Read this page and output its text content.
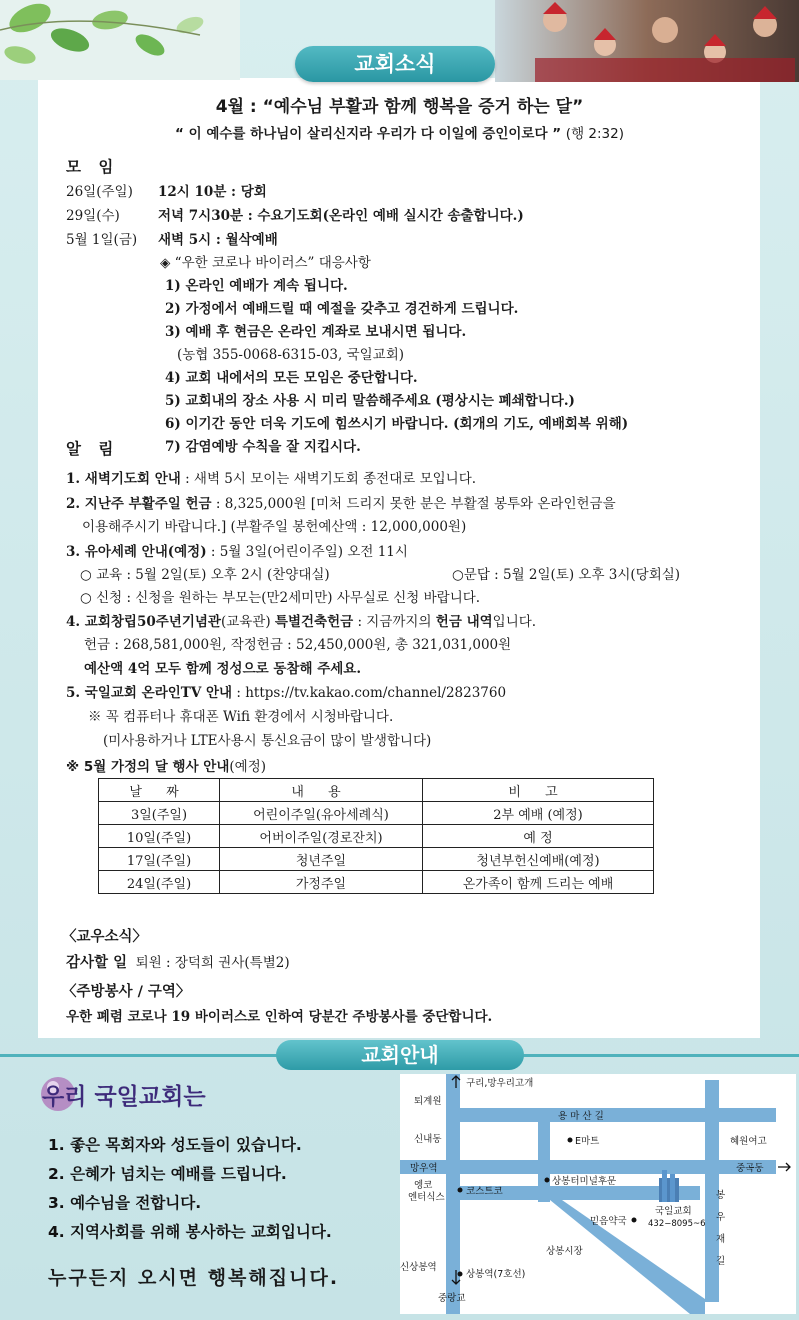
교회소식
4월 : “예수님 부활과 함께 행복을 증거 하는 달”
“ 이 예수를 하나님이 살리신지라 우리가 다 이일에 증인이로다 ” (행 2:32)
모 임
26일(주일) 12시 10분 : 당회
29일(수)	저녁 7시30분 : 수요기도회(온라인 예배 실시간 송출합니다.)
5월 1일(금) 새벽 5시 : 월삭예배
◈ “우한 코로나 바이러스” 대응사항
1) 온라인 예배가 계속 됩니다.
2) 가정에서 예배드릴 때 예절을 갖추고 경건하게 드립니다.
3) 예배 후 현금은 온라인 계좌로 보내시면 됩니다.
(농협 355-0068-6315-03, 국일교회)
4) 교회 내에서의 모든 모임은 중단합니다.
5) 교회내의 장소 사용 시 미리 말씀해주세요 (평상시는 폐쇄합니다.)
6) 이기간 동안 더욱 기도에 힘쓰시기 바랍니다. (회개의 기도, 예배회복 위해)
7) 감염예방 수칙을 잘 지킵시다.
알 림
1. 새벽기도회 안내 : 새벽 5시 모이는 새벽기도회 종전대로 모입니다.
2. 지난주 부활주일 헌금 : 8,325,000원 [미처 드리지 못한 분은 부활절 봉투와 온라인헌금을
이용해주시기 바랍니다.] (부활주일 봉헌예산액 : 12,000,000원)
3. 유아세례 안내(예정) : 5월 3일(어린이주일) 오전 11시
○ 교육 : 5월 2일(토) 오후 2시 (찬양대실)	○문답 : 5월 2일(토) 오후 3시(당회실)
○ 신청 : 신청을 원하는 부모는(만2세미만) 사무실로 신청 바랍니다.
4. 교회창립50주년기념관(교육관) 특별건축헌금 : 지금까지의 헌금 내역입니다.
헌금 : 268,581,000원, 작정헌금 : 52,450,000원, 총 321,031,000원
예산액 4억 모두 함께 정성으로 동참해 주세요.
5. 국일교회 온라인TV 안내 : https://tv.kakao.com/channel/2823760
※ 꼭 컴퓨터나 휴대폰 Wifi 환경에서 시청바랍니다.
(미사용하거나 LTE사용시 통신요금이 많이 발생합니다)
※ 5월 가정의 달 행사 안내(예정)
날 짜	내 용	비 고
3일(주일)	어린이주일(유아세례식)	2부 예배 (예정)
10일(주일)	어버이주일(경로잔치)	예 정
17일(주일)	청년주일	청년부헌신예배(예정)
24일(주일)	가정주일	온가족이 함께 드리는 예배
〈교우소식〉
감사할 일 퇴원 : 장덕희 권사(특별2)
〈주방봉사 / 구역〉
우한 폐렴 코로나 19 바이러스로 인하여 당분간 주방봉사를 중단합니다.
교회안내
우리 국일교회는
1. 좋은 목회자와 성도들이 있습니다.
2. 은혜가 넘치는 예배를 드립니다.
3. 예수님을 전합니다.
4. 지역사회를 위해 봉사하는 교회입니다.
누구든지 오시면 행복해집니다.
구리,망우리고개
퇴계원
용 마 산 길
신내동	E마트	혜원여고
망우역	중곡동
엥코
엔터식스
코스트코
상봉터미널후문
국일교회
432−8095~6
믿음약국
봉
우
재
길
상봉시장
신상봉역
상봉역(7호선)
중랑교
